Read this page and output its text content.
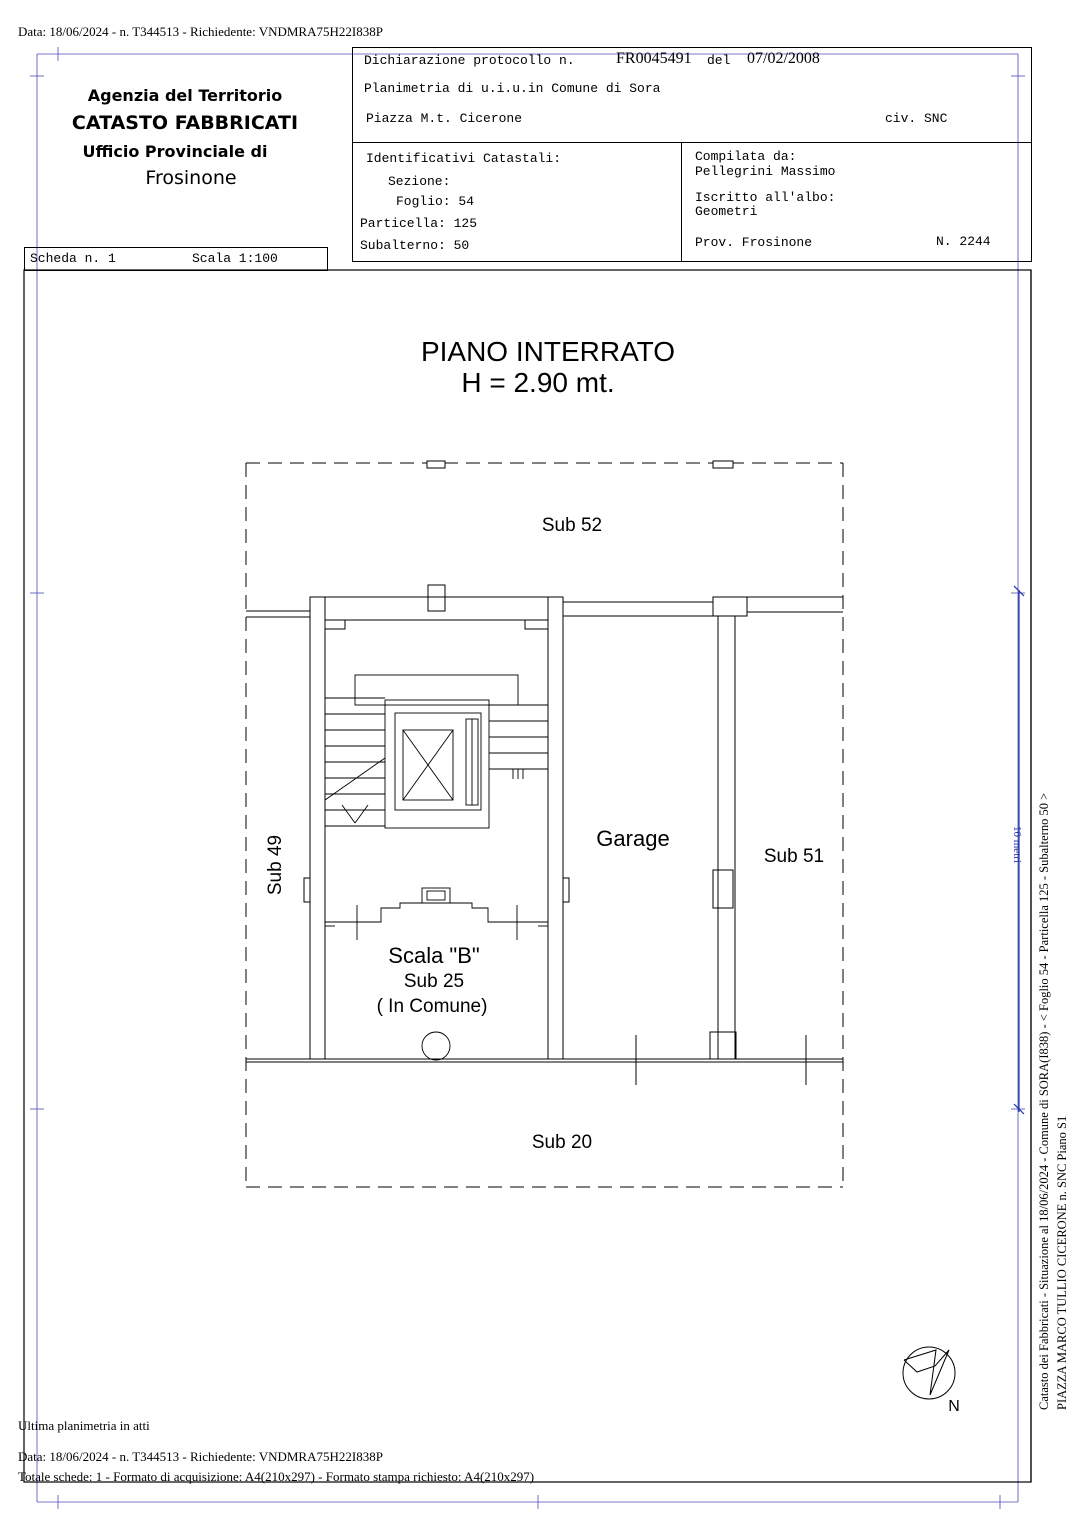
Data: 18/06/2024 - n. T344513 - Richiedente: VNDMRA75H22I838P
Agenzia del Territorio
CATASTO FABBRICATI
Ufficio Provinciale di
Frosinone
Scheda n. 1	Scala 1:100
Dichiarazione protocollo n.	FR0045491 del 07/02/2008
Planimetria di u.i.u.in Comune di Sora
Piazza M.t. Cicerone	civ. SNC
Identificativi Catastali:
Sezione:
Foglio: 54
Particella: 125
Subalterno: 50
Compilata da:
Pellegrini Massimo
Iscritto all'albo:
Geometri
Prov. Frosinone	N. 2244
PIANO INTERRATO
H = 2.90 mt.
Sub 52
Sub 49	Garage
Sub 51
Scala "B"
Sub 25
( In Comune)
Sub 20
N	Catasto dei Fabbricati - Situazione al 18/06/2024 - Comune di SORA(I838) - < Foglio 54 - Particella 125 - Subalterno 50 > PIAZZA MARCO TULLIO CICERONE n. SNC Piano S1
10 metri
Ultima planimetria in atti
Data: 18/06/2024 - n. T344513 - Richiedente: VNDMRA75H22I838P
Totale schede: 1 - Formato di acquisizione: A4(210x297) - Formato stampa richiesto: A4(210x297)
